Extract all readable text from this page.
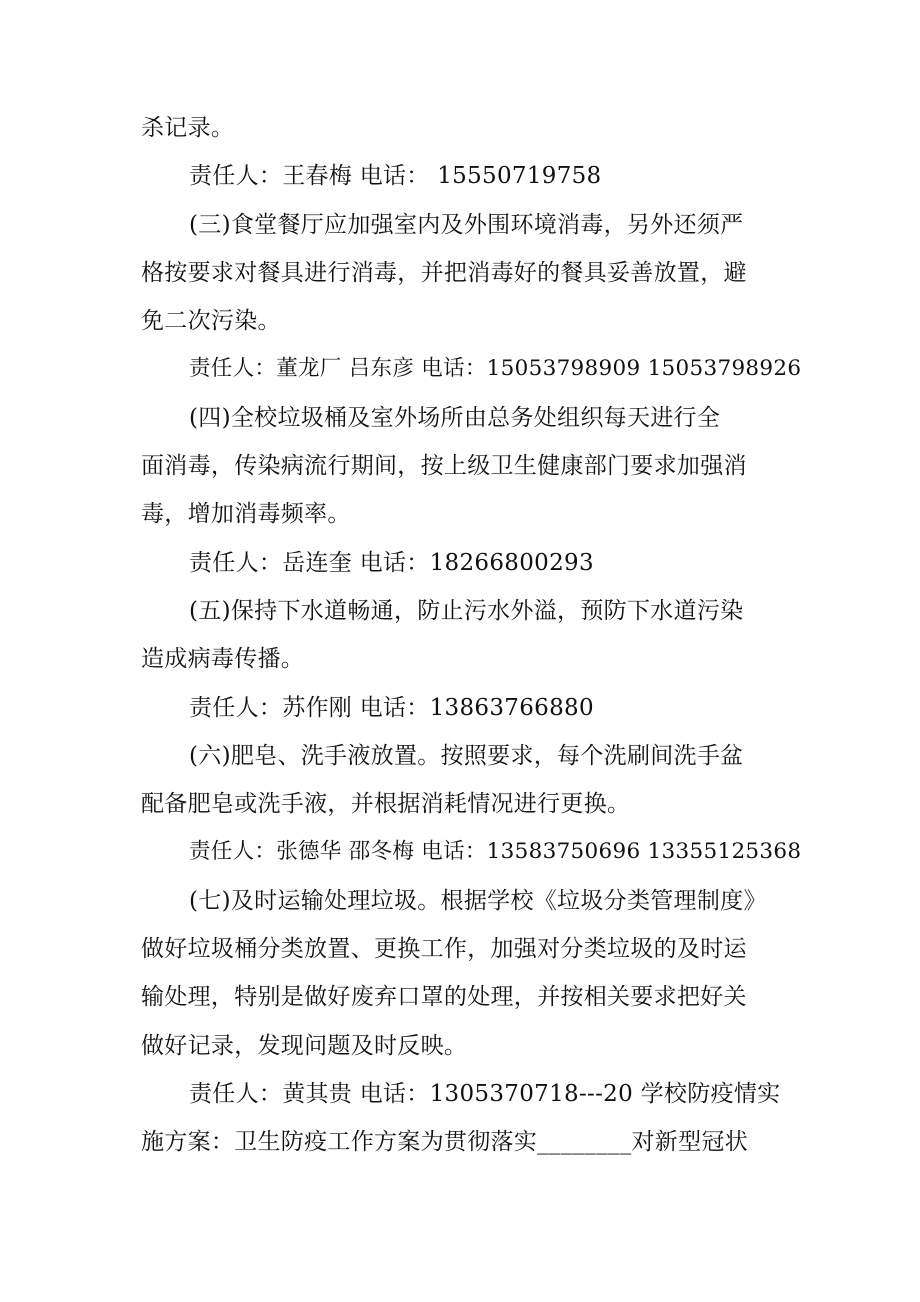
杀记录。
责任人：王春梅 电话： 15550719758
(三)食堂餐厅应加强室内及外围环境消毒，另外还须严
格按要求对餐具进行消毒，并把消毒好的餐具妥善放置，避
免二次污染。
责任人：董龙厂 吕东彦 电话：15053798909 15053798926
(四)全校垃圾桶及室外场所由总务处组织每天进行全
面消毒，传染病流行期间，按上级卫生健康部门要求加强消
毒，增加消毒频率。
责任人：岳连奎 电话：18266800293
(五)保持下水道畅通，防止污水外溢，预防下水道污染
造成病毒传播。
责任人：苏作刚 电话：13863766880
(六)肥皂、洗手液放置。按照要求，每个洗刷间洗手盆
配备肥皂或洗手液，并根据消耗情况进行更换。
责任人：张德华 邵冬梅 电话：13583750696 13355125368
(七)及时运输处理垃圾。根据学校《垃圾分类管理制度》
做好垃圾桶分类放置、更换工作，加强对分类垃圾的及时运
输处理，特别是做好废弃口罩的处理，并按相关要求把好关
做好记录，发现问题及时反映。
责任人：黄其贵 电话：1305370718---20 学校防疫情实
施方案：卫生防疫工作方案为贯彻落实________对新型冠状
